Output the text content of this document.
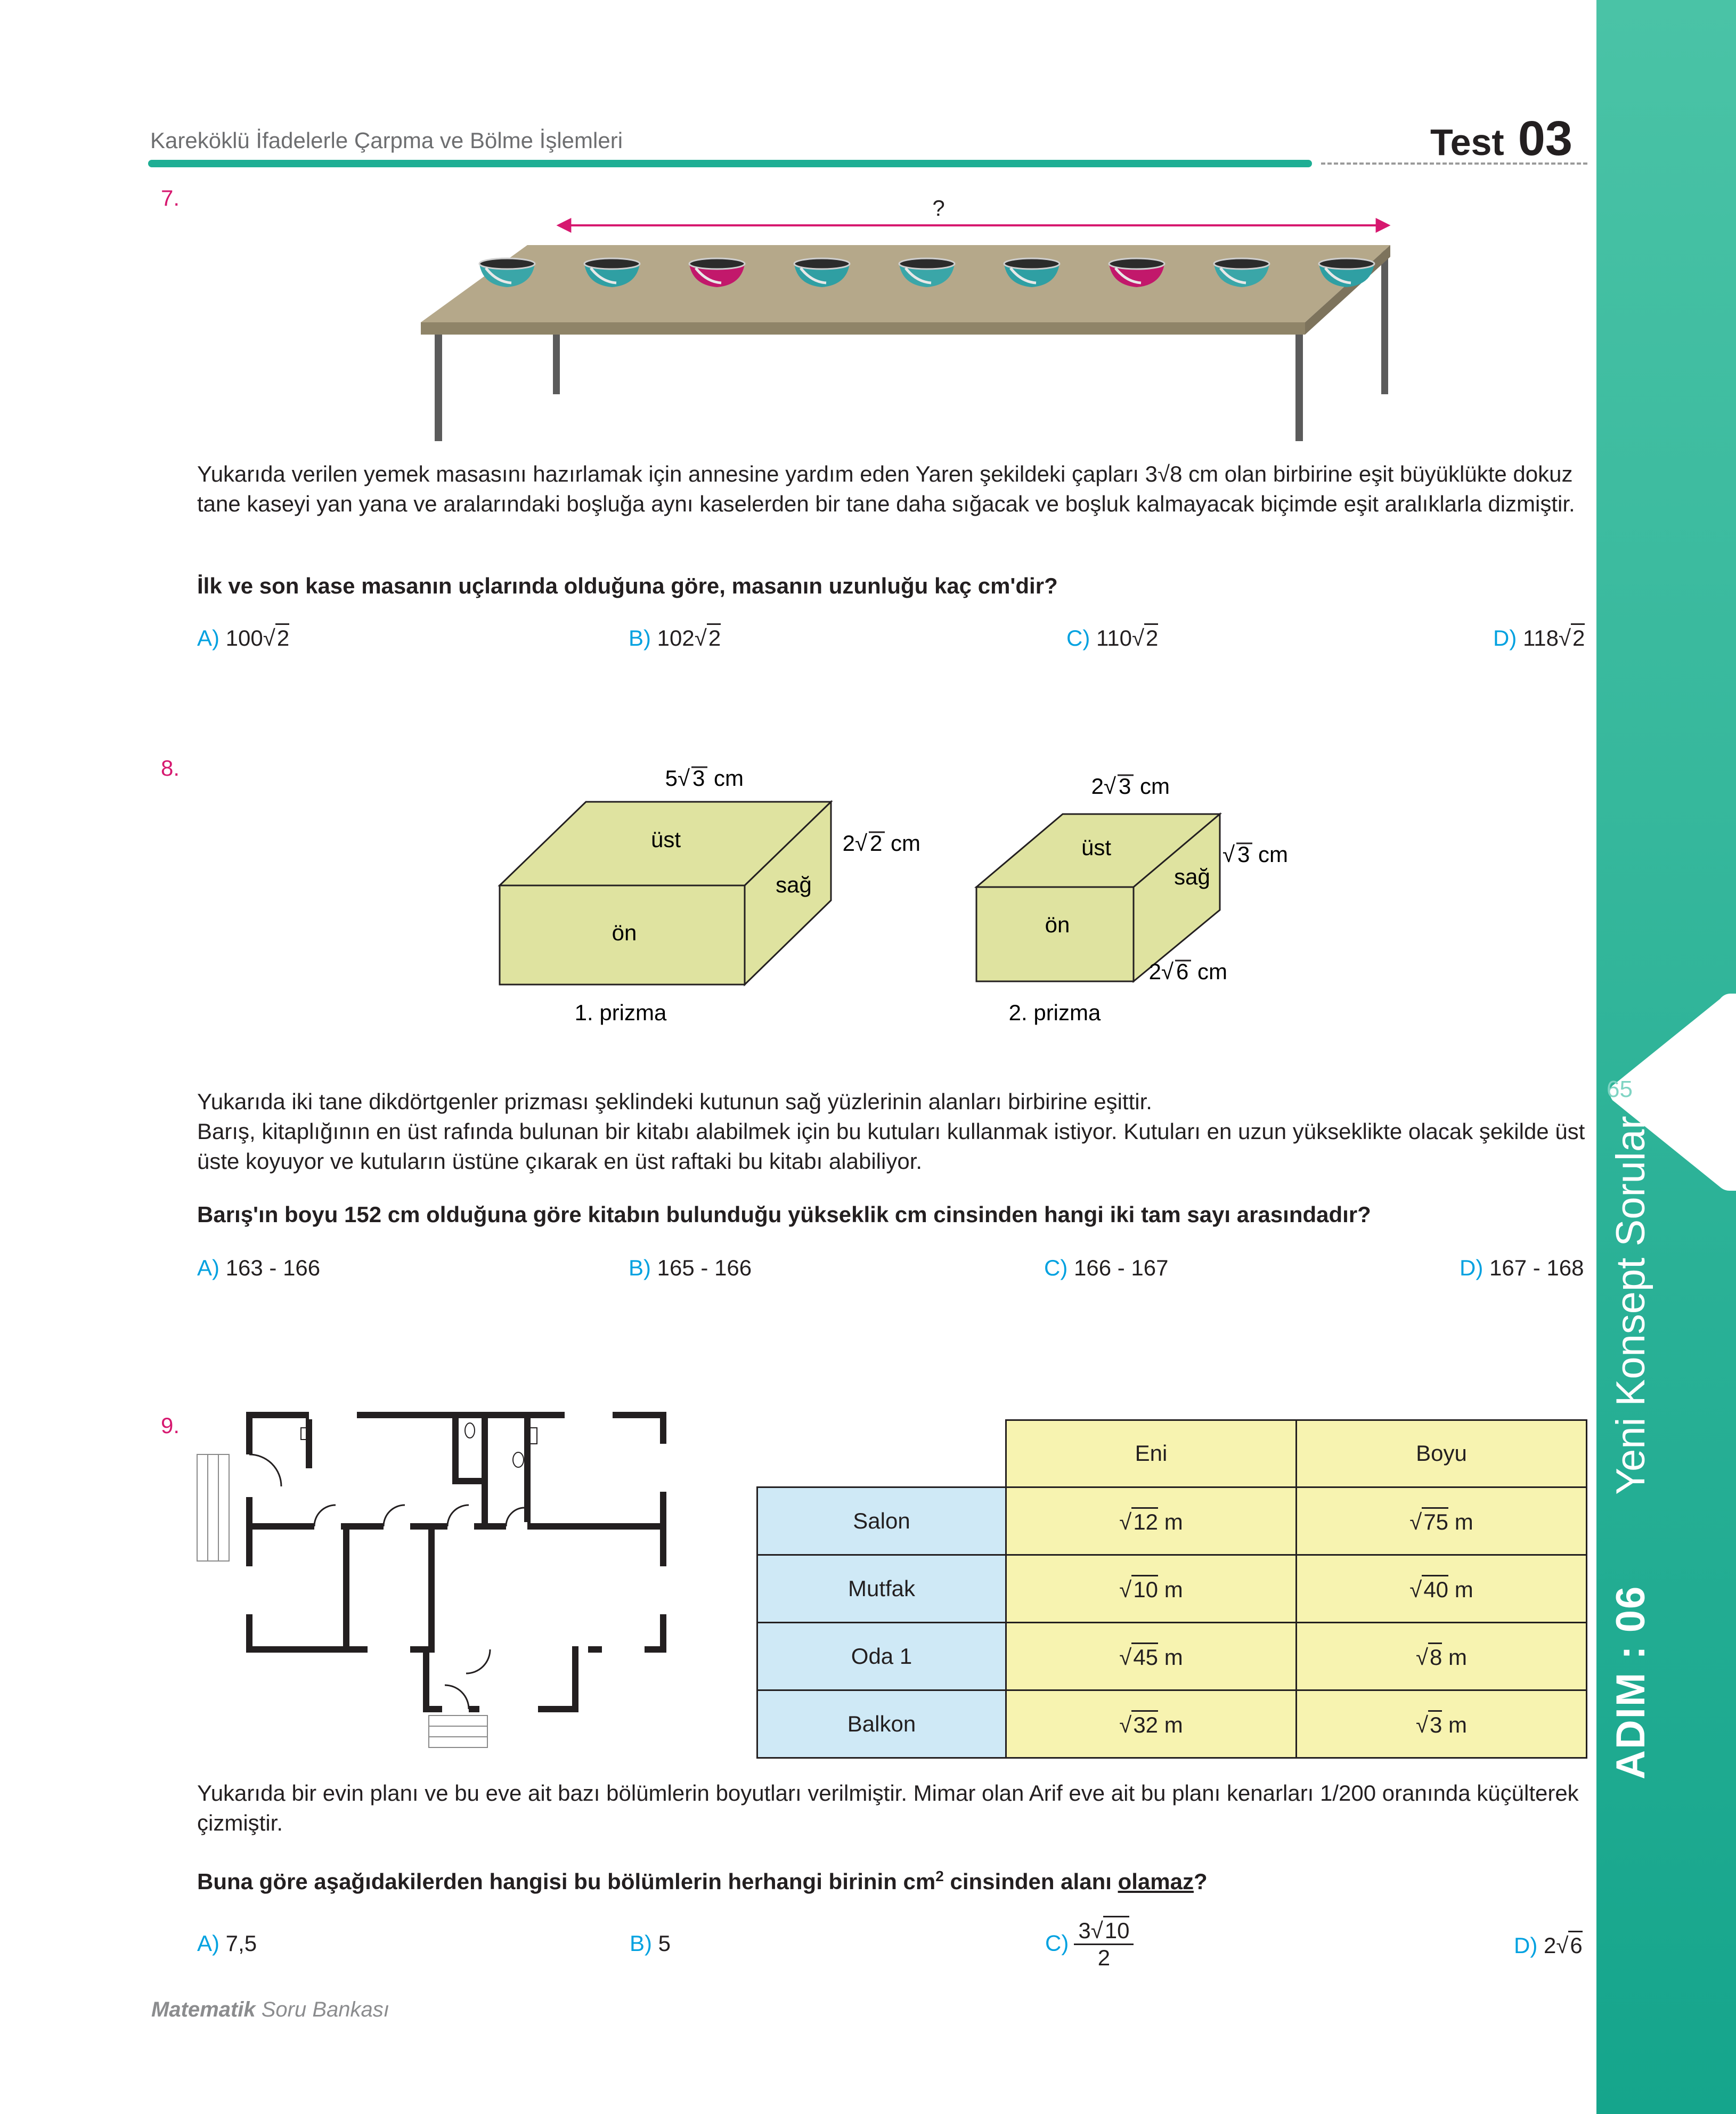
Kareköklü İfadelerle Çarpma ve Bölme İşlemleri	Test 03
65
ADIM : 06Yeni Konsept Sorular
7.	?
Yukarıda verilen yemek masasını hazırlamak için annesine yardım eden Yaren şekildeki çapları 3√8 cm olan birbirine eşit büyüklükte dokuz tane kaseyi yan yana ve aralarındaki boşluğa aynı kaselerden bir tane daha sığacak ve boşluk kalmayacak biçimde eşit aralıklarla dizmiştir.
İlk ve son kase masanın uçlarında olduğuna göre, masanın uzunluğu kaç cm'dir?
A) 100 √ 2	B) 102 √ 2	C) 110 √ 2	D) 118 √ 2
8.
üst
ön
sağ
5 √ 3 cm
2 √ 2 cm
1. prizma
üst
ön
sağ
2 √ 3 cm
√ 3 cm
2 √ 6 cm
2. prizma
Yukarıda iki tane dikdörtgenler prizması şeklindeki kutunun sağ yüzlerinin alanları birbirine eşittir.
Barış, kitaplığının en üst rafında bulunan bir kitabı alabilmek için bu kutuları kullanmak istiyor. Kutuları en uzun yükseklikte olacak şekilde üst üste koyuyor ve kutuların üstüne çıkarak en üst raftaki bu kitabı alabiliyor.
Barış'ın boyu 152 cm olduğuna göre kitabın bulunduğu yükseklik cm cinsinden hangi iki tam sayı arasındadır?
A) 163 - 166	B) 165 - 166	C) 166 - 167	D) 167 - 168
9.
	Eni	Boyu
Salon	√12 m	√75 m
Mutfak	√10 m	√40 m
Oda 1	√45 m	√8 m
Balkon	√32 m	√3 m
Yukarıda bir evin planı ve bu eve ait bazı bölümlerin boyutları verilmiştir. Mimar olan Arif eve ait bu planı kenarları 1/200 oranında küçülterek çizmiştir.
Buna göre aşağıdakilerden hangisi bu bölümlerin herhangi birinin $cm^2$ cinsinden alanı olamaz?
A) 7,5	B) 5	$C) \frac{3 √ 10}{2}$	D) 2 √ 6
Matematik Soru Bankası
